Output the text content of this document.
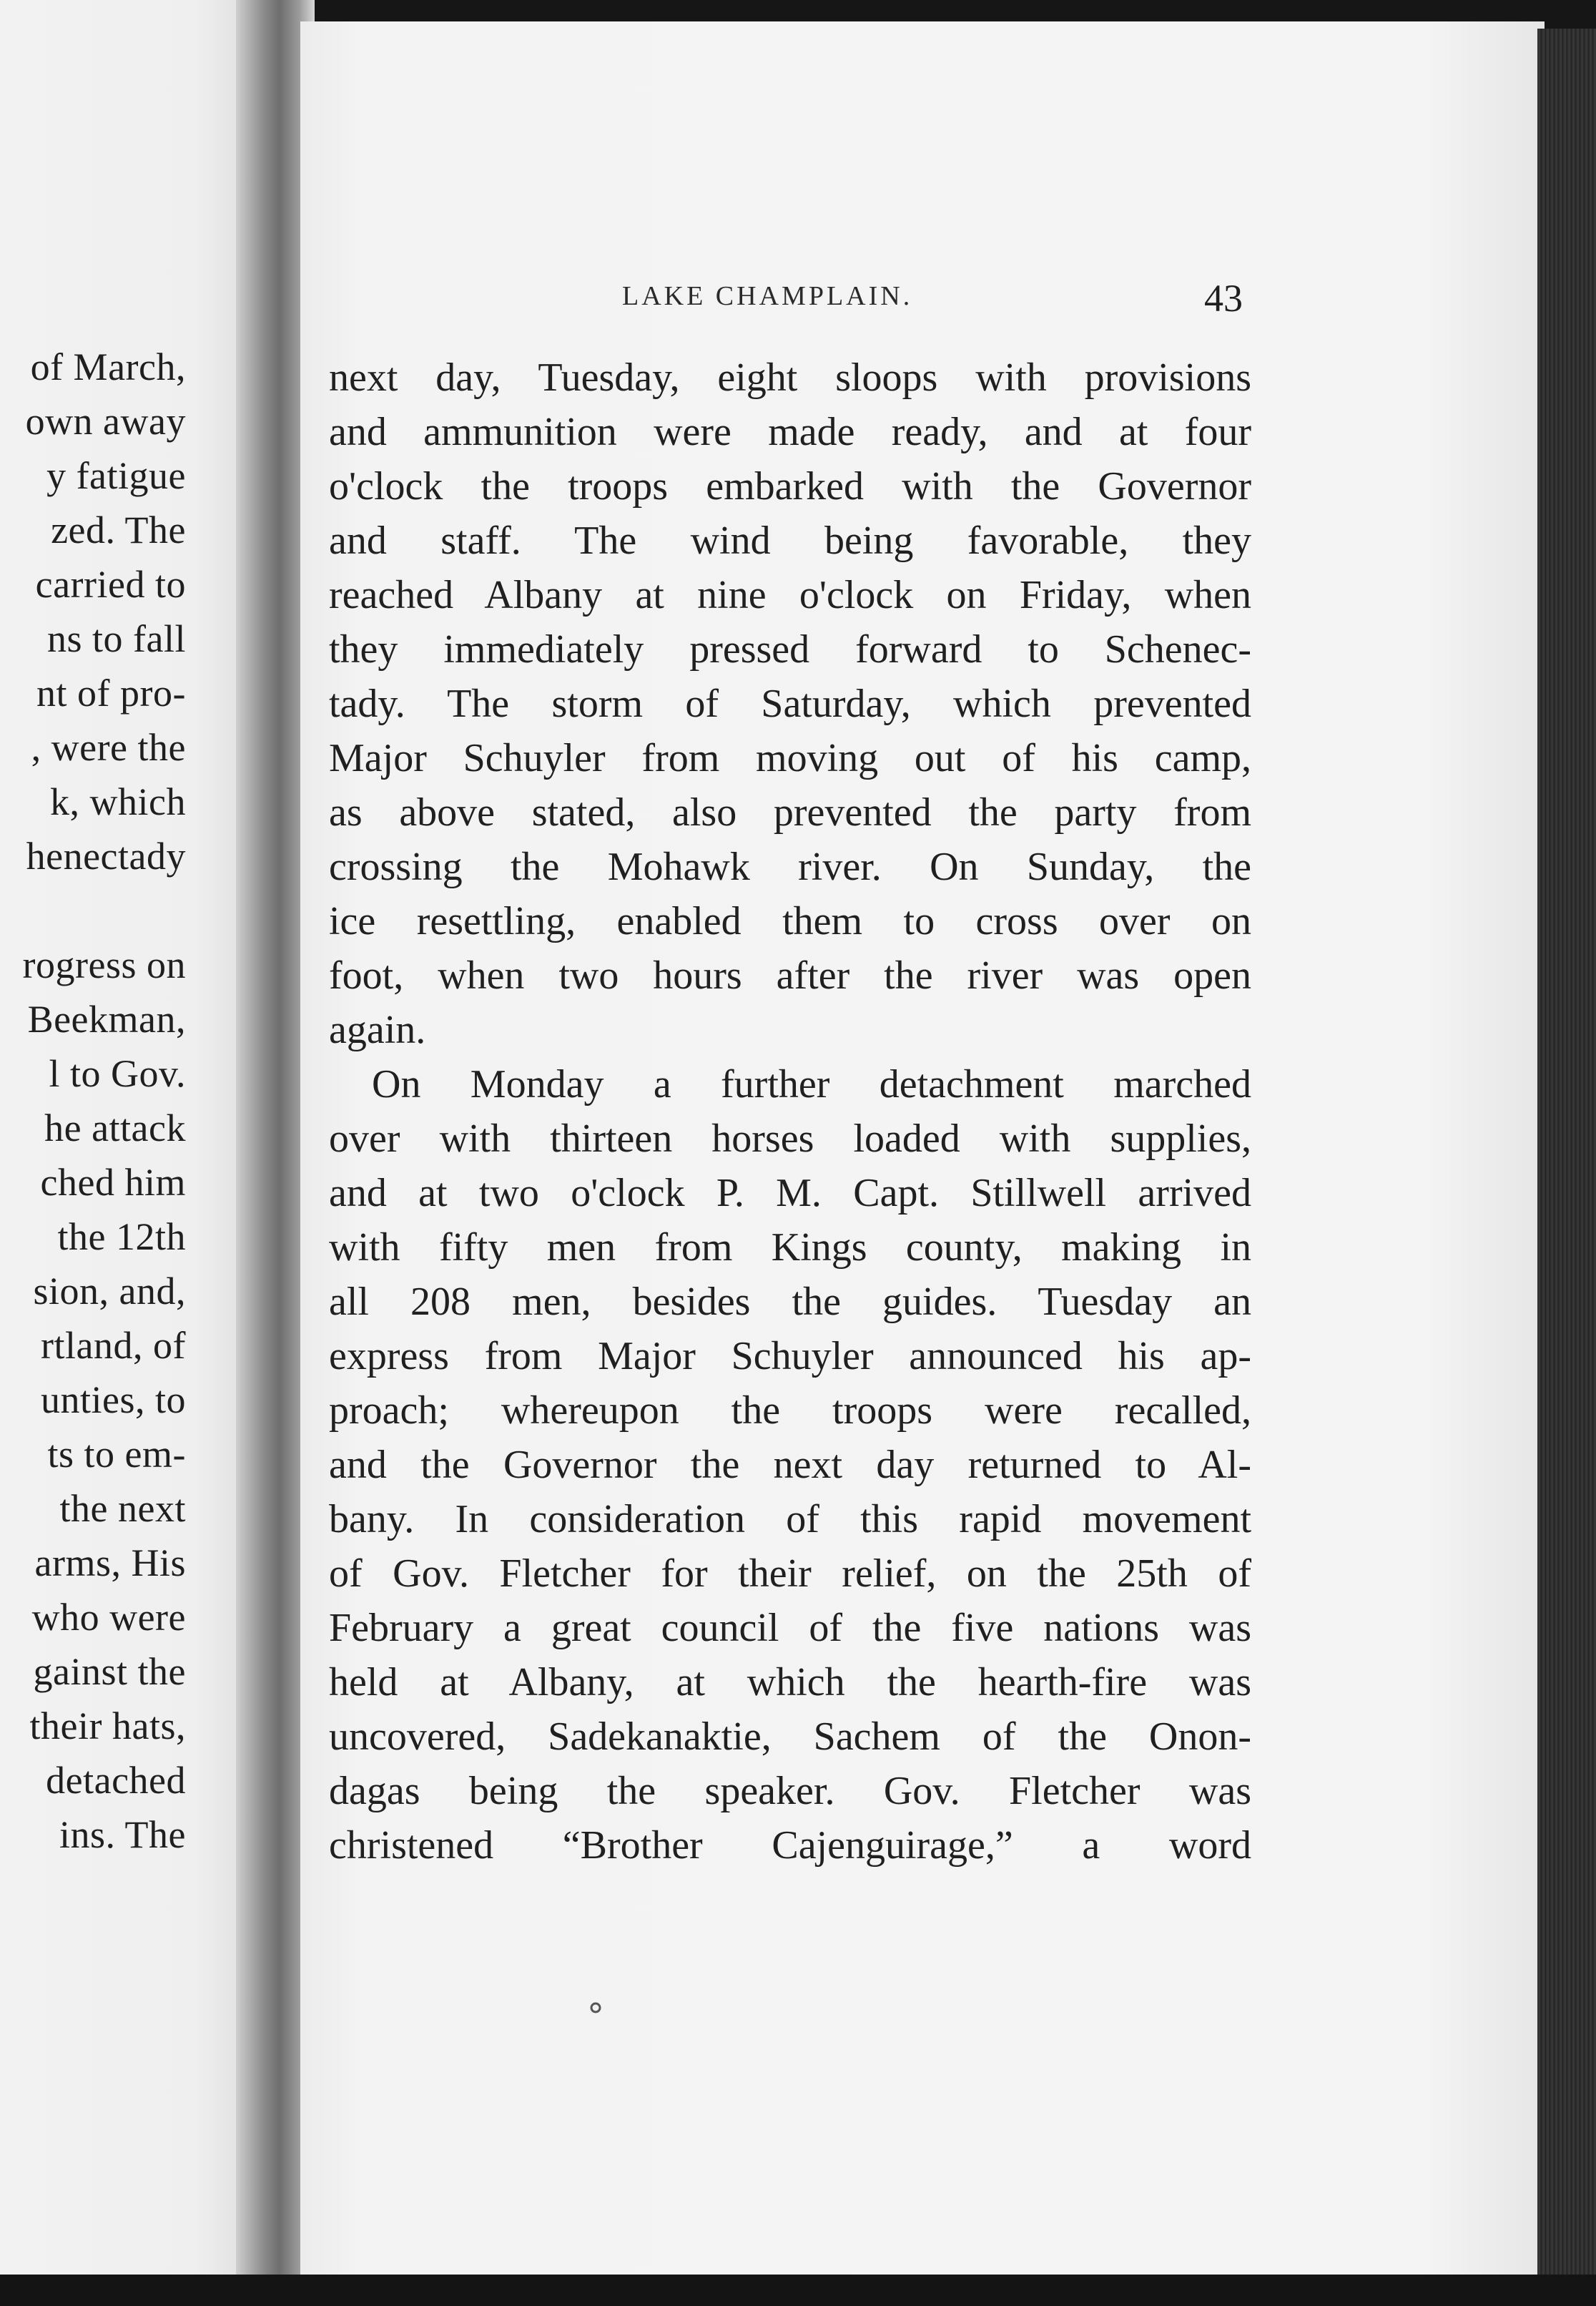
of March,
own away
y fatigue
zed. The
carried to
ns to fall
nt of pro-
, were the
k, which
henectady
rogress on
Beekman,
l to Gov.
he attack
ched him
the 12th
sion, and,
rtland, of
unties, to
ts to em-
the next
arms, His
who were
gainst the
their hats,
detached
ins. The
LAKE CHAMPLAIN.	43
next day, Tuesday, eight sloops with provisions
and ammunition were made ready, and at four
o'clock the troops embarked with the Governor
and staff. The wind being favorable, they
reached Albany at nine o'clock on Friday, when
they immediately pressed forward to Schenec-
tady. The storm of Saturday, which prevented
Major Schuyler from moving out of his camp,
as above stated, also prevented the party from
crossing the Mohawk river. On Sunday, the
ice resettling, enabled them to cross over on
foot, when two hours after the river was open
again.
On Monday a further detachment marched
over with thirteen horses loaded with supplies,
and at two o'clock P. M. Capt. Stillwell arrived
with fifty men from Kings county, making in
all 208 men, besides the guides. Tuesday an
express from Major Schuyler announced his ap-
proach; whereupon the troops were recalled,
and the Governor the next day returned to Al-
bany. In consideration of this rapid movement
of Gov. Fletcher for their relief, on the 25th of
February a great council of the five nations was
held at Albany, at which the hearth-fire was
uncovered, Sadekanaktie, Sachem of the Onon-
dagas being the speaker. Gov. Fletcher was
christened “Brother Cajenguirage,” a word
